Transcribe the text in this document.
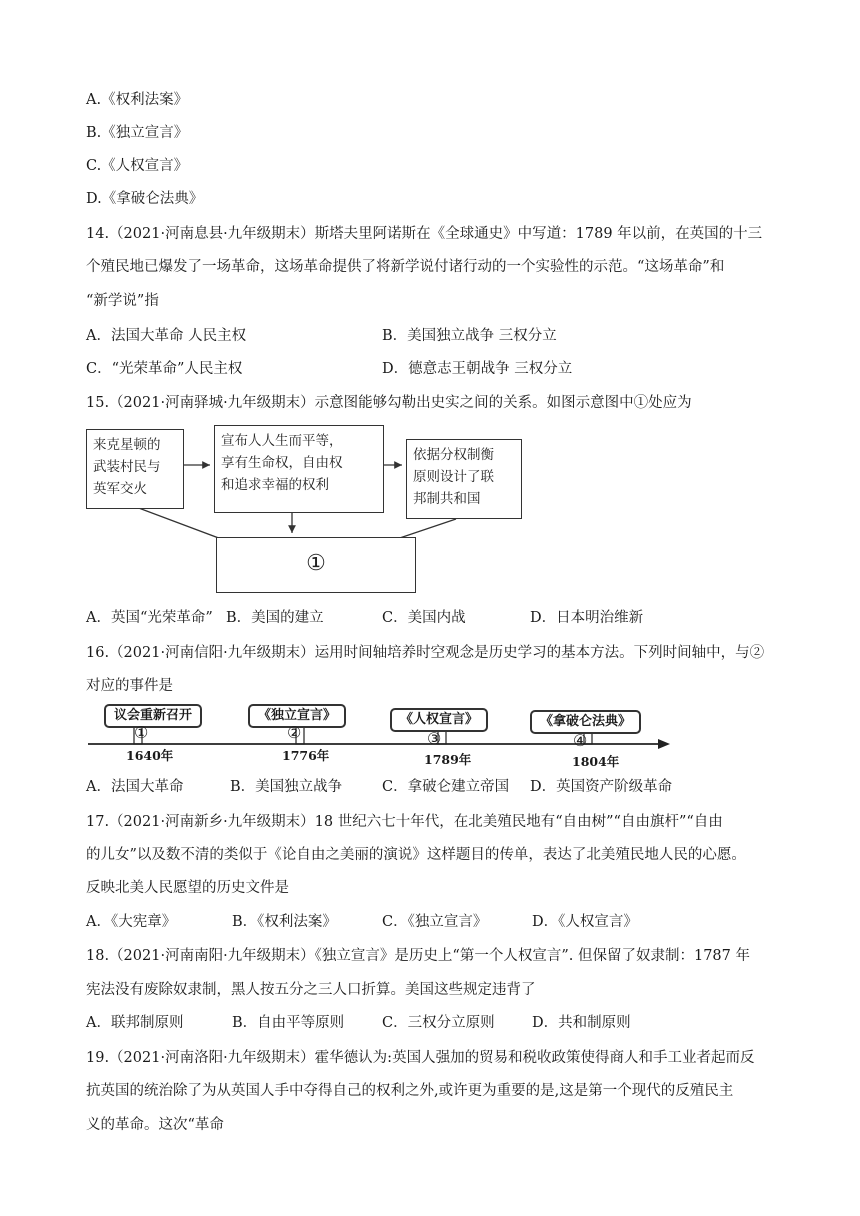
A.《权利法案》
B.《独立宣言》
C.《人权宣言》
D.《拿破仑法典》
14.（2021·河南息县·九年级期末）斯塔夫里阿诺斯在《全球通史》中写道：1789 年以前，在英国的十三
个殖民地已爆发了一场革命，这场革命提供了将新学说付诸行动的一个实验性的示范。“这场革命”和
“新学说”指
A．法国大革命 人民主权	B．美国独立战争 三权分立
C．“光荣革命”人民主权	D．德意志王朝战争 三权分立
15.（2021·河南驿城·九年级期末）示意图能够勾勒出史实之间的关系。如图示意图中①处应为
来克星顿的
武装村民与
英军交火
宣布人人生而平等，
享有生命权，自由权
和追求幸福的权利
依据分权制衡
原则设计了联
邦制共和国
①
A．英国“光荣革命” B．美国的建立	C．美国内战	D．日本明治维新
16.（2021·河南信阳·九年级期末）运用时间轴培养时空观念是历史学习的基本方法。下列时间轴中，与②
对应的事件是
议会重新召开
①
1640年
《独立宣言》
②
1776年
《人权宣言》
③
1789年
《拿破仑法典》
④
1804年
A．法国大革命	B．美国独立战争	C．拿破仑建立帝国 D．英国资产阶级革命
17.（2021·河南新乡·九年级期末）18 世纪六七十年代，在北美殖民地有“自由树”“自由旗杆”“自由
的儿女”以及数不清的类似于《论自由之美丽的演说》这样题目的传单，表达了北美殖民地人民的心愿。
反映北美人民愿望的历史文件是
A．《大宪章》	B．《权利法案》	C．《独立宣言》	D．《人权宣言》
18.（2021·河南南阳·九年级期末）《独立宣言》是历史上“第一个人权宣言”. 但保留了奴隶制：1787 年
宪法没有废除奴隶制，黑人按五分之三人口折算。美国这些规定违背了
A．联邦制原则	B．自由平等原则	C．三权分立原则	D．共和制原则
19.（2021·河南洛阳·九年级期末）霍华德认为:英国人强加的贸易和税收政策使得商人和手工业者起而反
抗英国的统治除了为从英国人手中夺得自己的权利之外,或许更为重要的是,这是第一个现代的反殖民主
义的革命。这次“革命
